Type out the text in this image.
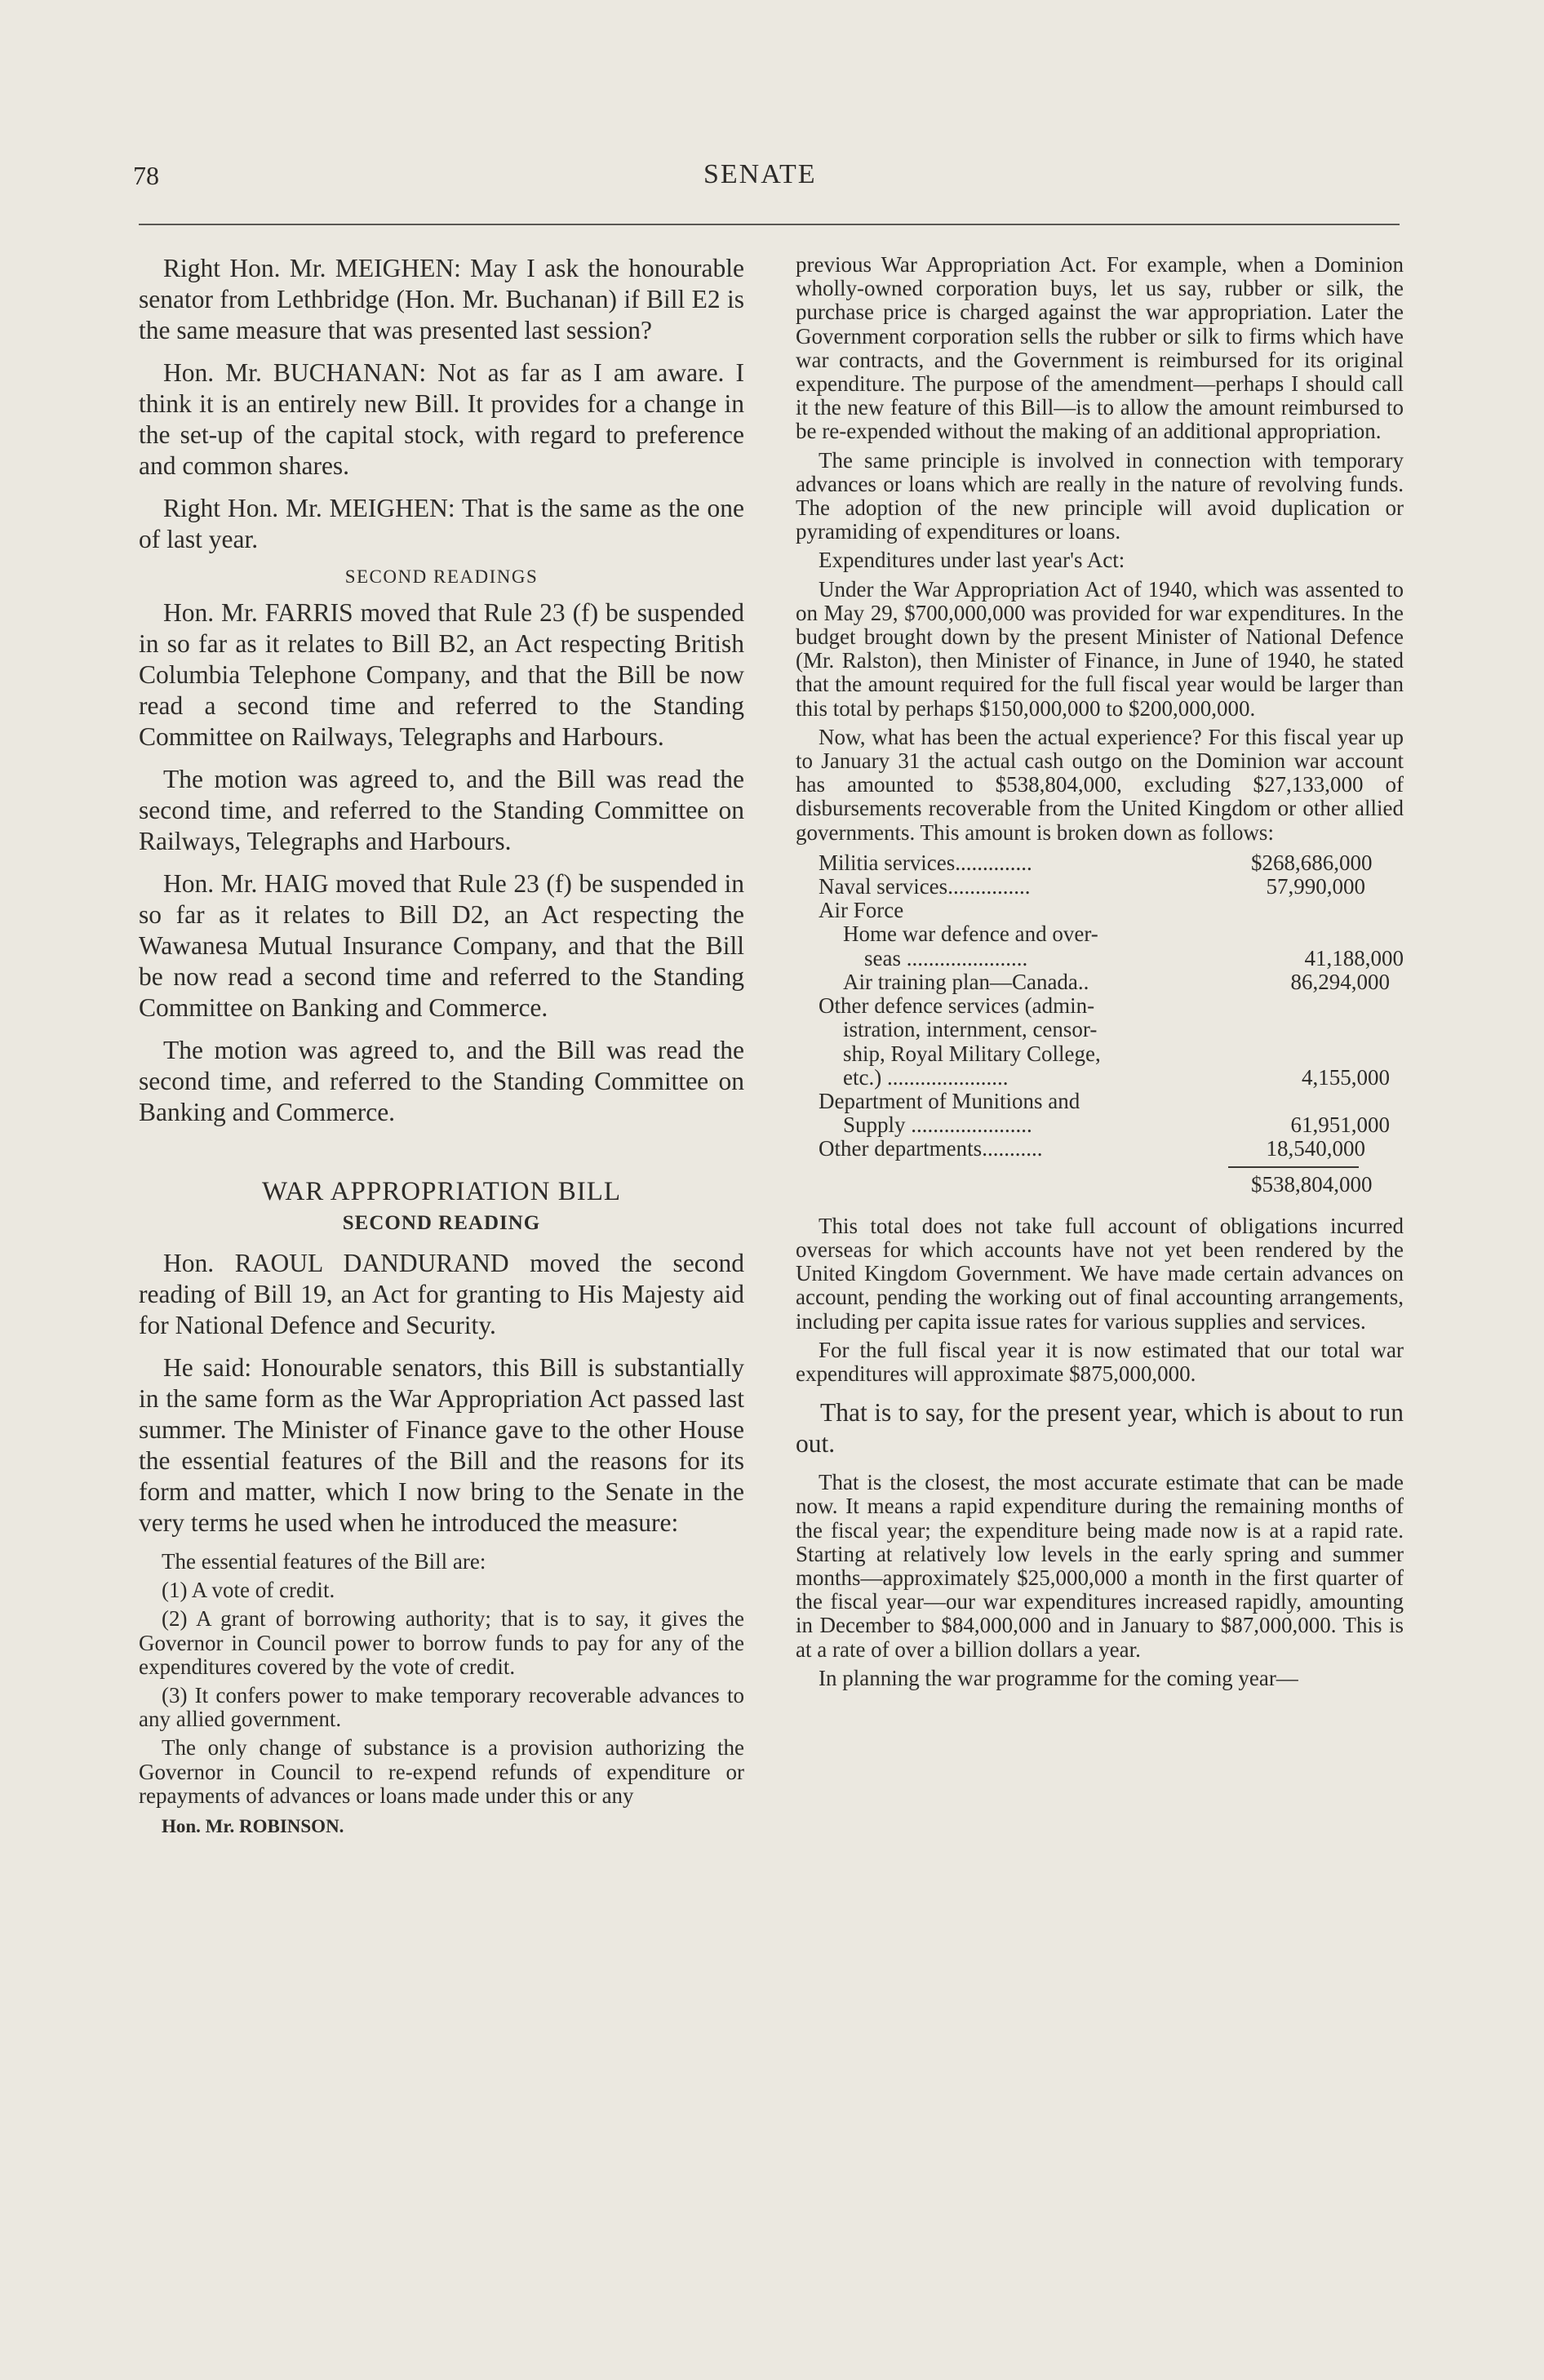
78	SENATE

Right Hon. Mr. MEIGHEN: May I ask the honourable senator from Lethbridge (Hon. Mr. Buchanan) if Bill E2 is the same measure that was presented last session?

Hon. Mr. BUCHANAN: Not as far as I am aware. I think it is an entirely new Bill. It provides for a change in the set-up of the capital stock, with regard to preference and common shares.

Right Hon. Mr. MEIGHEN: That is the same as the one of last year.

SECOND READINGS

Hon. Mr. FARRIS moved that Rule 23 (f) be suspended in so far as it relates to Bill B2, an Act respecting British Columbia Telephone Company, and that the Bill be now read a second time and referred to the Standing Committee on Railways, Telegraphs and Harbours.

The motion was agreed to, and the Bill was read the second time, and referred to the Standing Committee on Railways, Telegraphs and Harbours.

Hon. Mr. HAIG moved that Rule 23 (f) be suspended in so far as it relates to Bill D2, an Act respecting the Wawanesa Mutual Insurance Company, and that the Bill be now read a second time and referred to the Standing Committee on Banking and Commerce.

The motion was agreed to, and the Bill was read the second time, and referred to the Standing Committee on Banking and Commerce.

WAR APPROPRIATION BILL
SECOND READING

Hon. RAOUL DANDURAND moved the second reading of Bill 19, an Act for granting to His Majesty aid for National Defence and Security.

He said: Honourable senators, this Bill is substantially in the same form as the War Appropriation Act passed last summer. The Minister of Finance gave to the other House the essential features of the Bill and the reasons for its form and matter, which I now bring to the Senate in the very terms he used when he introduced the measure:

The essential features of the Bill are:

(1) A vote of credit.

(2) A grant of borrowing authority; that is to say, it gives the Governor in Council power to borrow funds to pay for any of the expenditures covered by the vote of credit.

(3) It confers power to make temporary recoverable advances to any allied government.

The only change of substance is a provision authorizing the Governor in Council to re-expend refunds of expenditure or repayments of advances or loans made under this or any

Hon. Mr. ROBINSON.

previous War Appropriation Act. For example, when a Dominion wholly-owned corporation buys, let us say, rubber or silk, the purchase price is charged against the war appropriation. Later the Government corporation sells the rubber or silk to firms which have war contracts, and the Government is reimbursed for its original expenditure. The purpose of the amendment—perhaps I should call it the new feature of this Bill—is to allow the amount reimbursed to be re-expended without the making of an additional appropriation.

The same principle is involved in connection with temporary advances or loans which are really in the nature of revolving funds. The adoption of the new principle will avoid duplication or pyramiding of expenditures or loans.

Expenditures under last year's Act:

Under the War Appropriation Act of 1940, which was assented to on May 29, $700,000,000 was provided for war expenditures. In the budget brought down by the present Minister of National Defence (Mr. Ralston), then Minister of Finance, in June of 1940, he stated that the amount required for the full fiscal year would be larger than this total by perhaps $150,000,000 to $200,000,000.

Now, what has been the actual experience? For this fiscal year up to January 31 the actual cash outgo on the Dominion war account has amounted to $538,804,000, excluding $27,133,000 of disbursements recoverable from the United Kingdom or other allied governments. This amount is broken down as follows:

Militia services..............	$268,686,000
Naval services...............	57,990,000
Air Force
Home war defence and over-
seas ......................	41,188,000
Air training plan—Canada..	86,294,000
Other defence services (admin-
istration, internment, censor-
ship, Royal Military College,
etc.) ......................	4,155,000
Department of Munitions and
Supply ......................	61,951,000
Other departments...........	18,540,000
$538,804,000

This total does not take full account of obligations incurred overseas for which accounts have not yet been rendered by the United Kingdom Government. We have made certain advances on account, pending the working out of final accounting arrangements, including per capita issue rates for various supplies and services.

For the full fiscal year it is now estimated that our total war expenditures will approximate $875,000,000.

That is to say, for the present year, which is about to run out.

That is the closest, the most accurate estimate that can be made now. It means a rapid expenditure during the remaining months of the fiscal year; the expenditure being made now is at a rapid rate. Starting at relatively low levels in the early spring and summer months—approximately $25,000,000 a month in the first quarter of the fiscal year—our war expenditures increased rapidly, amounting in December to $84,000,000 and in January to $87,000,000. This is at a rate of over a billion dollars a year.

In planning the war programme for the coming year—
